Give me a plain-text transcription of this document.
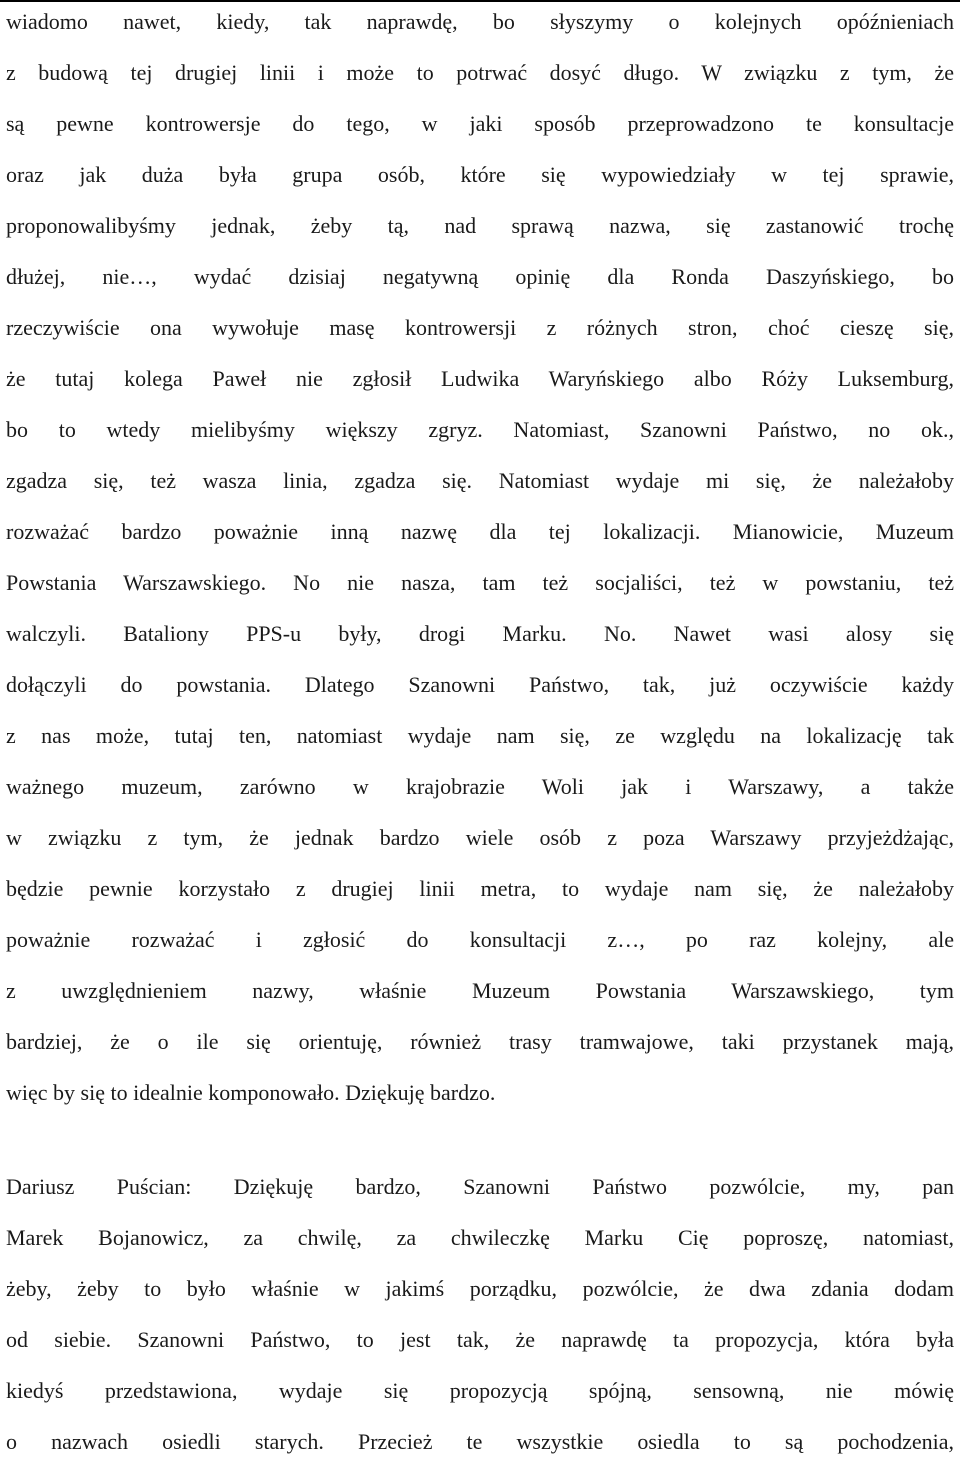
wiadomo nawet, kiedy, tak naprawdę, bo słyszymy o kolejnych opóźnieniach
z budową tej drugiej linii i może to potrwać dosyć długo. W związku z tym, że
są pewne kontrowersje do tego, w jaki sposób przeprowadzono te konsultacje
oraz jak duża była grupa osób, które się wypowiedziały w tej sprawie,
proponowalibyśmy jednak, żeby tą, nad sprawą nazwa, się zastanowić trochę
dłużej, nie…, wydać dzisiaj negatywną opinię dla Ronda Daszyńskiego, bo
rzeczywiście ona wywołuje masę kontrowersji z różnych stron, choć cieszę się,
że tutaj kolega Paweł nie zgłosił Ludwika Waryńskiego albo Róży Luksemburg,
bo to wtedy mielibyśmy większy zgryz. Natomiast, Szanowni Państwo, no ok.,
zgadza się, też wasza linia, zgadza się. Natomiast wydaje mi się, że należałoby
rozważać bardzo poważnie inną nazwę dla tej lokalizacji. Mianowicie, Muzeum
Powstania Warszawskiego. No nie nasza, tam też socjaliści, też w powstaniu, też
walczyli. Bataliony PPS-u były, drogi Marku. No. Nawet wasi alosy się
dołączyli do powstania. Dlatego Szanowni Państwo, tak, już oczywiście każdy
z nas może, tutaj ten, natomiast wydaje nam się, ze względu na lokalizację tak
ważnego muzeum, zarówno w krajobrazie Woli jak i Warszawy, a także
w związku z tym, że jednak bardzo wiele osób z poza Warszawy przyjeżdżając,
będzie pewnie korzystało z drugiej linii metra, to wydaje nam się, że należałoby
poważnie rozważać i zgłosić do konsultacji z…, po raz kolejny, ale
z uwzględnieniem nazwy, właśnie Muzeum Powstania Warszawskiego, tym
bardziej, że o ile się orientuję, również trasy tramwajowe, taki przystanek mają,
więc by się to idealnie komponowało. Dziękuję bardzo.
Dariusz Puścian: Dziękuję bardzo, Szanowni Państwo pozwólcie, my, pan
Marek Bojanowicz, za chwilę, za chwileczkę Marku Cię poproszę, natomiast,
żeby, żeby to było właśnie w jakimś porządku, pozwólcie, że dwa zdania dodam
od siebie. Szanowni Państwo, to jest tak, że naprawdę ta propozycja, która była
kiedyś przedstawiona, wydaje się propozycją spójną, sensowną, nie mówię
o nazwach osiedli starych. Przecież te wszystkie osiedla to są pochodzenia,
